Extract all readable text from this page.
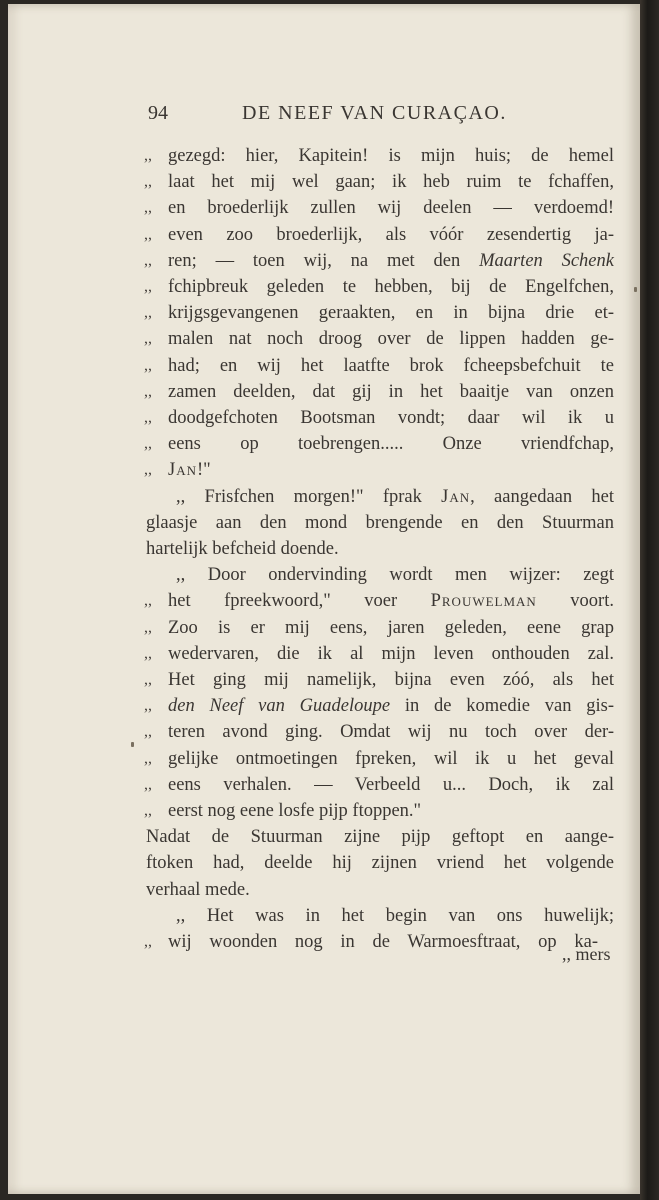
94	DE NEEF VAN CURAÇAO.
,, gezegd: hier, Kapitein! is mijn huis; de hemel
,, laat het mij wel gaan; ik heb ruim te fchaffen,
,, en broederlijk zullen wij deelen — verdoemd!
,, even zoo broederlijk, als vóór zesendertig ja-
,, ren; — toen wij, na met den Maarten Schenk
,, fchipbreuk geleden te hebben, bij de Engelfchen,
,, krijgsgevangenen geraakten, en in bijna drie et-
,, malen nat noch droog over de lippen hadden ge-
,, had; en wij het laatfte brok fcheepsbefchuit te
,, zamen deelden, dat gij in het baaitje van onzen
,, doodgefchoten Bootsman vondt; daar wil ik u
,, eens op toebrengen..... Onze vriendfchap,
,, Jan!"
,, Frisfchen morgen!" fprak Jan, aangedaan het
glaasje aan den mond brengende en den Stuurman
hartelijk befcheid doende.
,, Door ondervinding wordt men wijzer: zegt
,, het fpreekwoord," voer Prouwelman voort.
,, Zoo is er mij eens, jaren geleden, eene grap
,, wedervaren, die ik al mijn leven onthouden zal.
,, Het ging mij namelijk, bijna even zóó, als het
,, den Neef van Guadeloupe in de komedie van gis-
,, teren avond ging. Omdat wij nu toch over der-
,, gelijke ontmoetingen fpreken, wil ik u het geval
,, eens verhalen. — Verbeeld u... Doch, ik zal
,, eerst nog eene losfe pijp ftoppen."
Nadat de Stuurman zijne pijp geftopt en aange-
ftoken had, deelde hij zijnen vriend het volgende
verhaal mede.
,, Het was in het begin van ons huwelijk;
,, wij woonden nog in de Warmoesftraat, op ka-
,, mers
